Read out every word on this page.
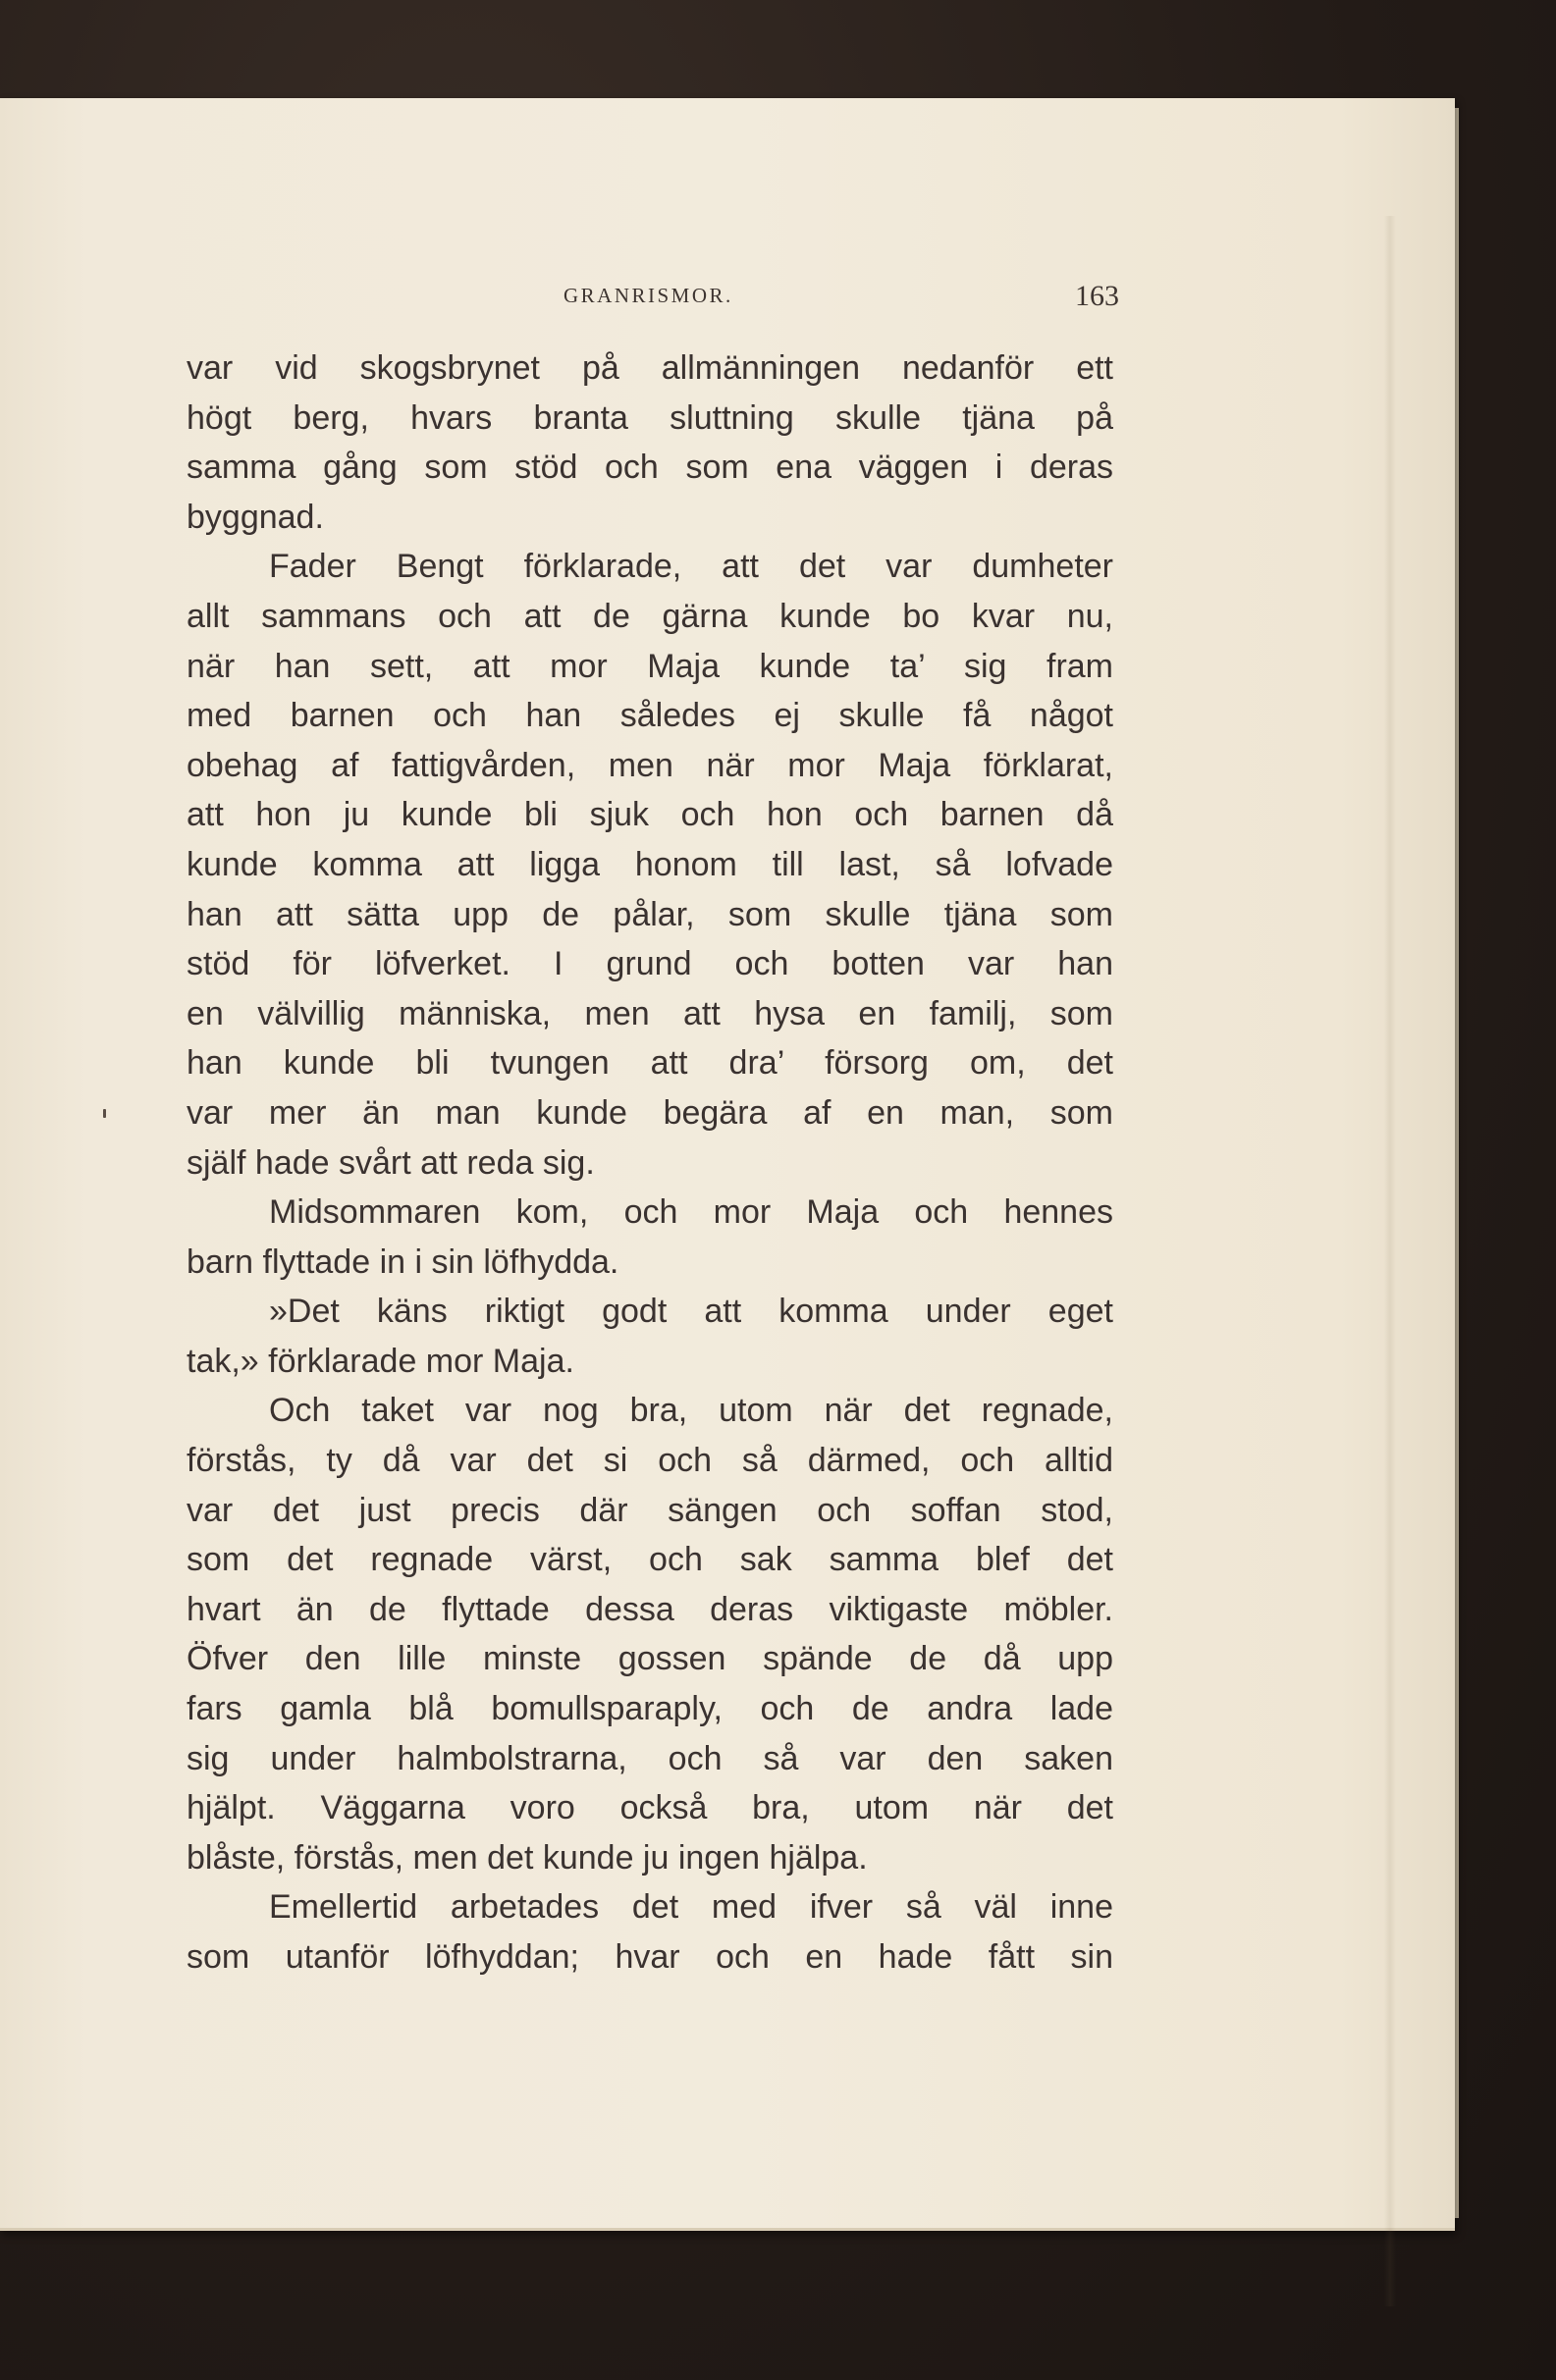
GRANRISMOR.	163
var vid skogsbrynet på allmänningen nedanför ett
högt berg, hvars branta sluttning skulle tjäna på
samma gång som stöd och som ena väggen i deras
byggnad.
Fader Bengt förklarade, att det var dumheter
allt sammans och att de gärna kunde bo kvar nu,
när han sett, att mor Maja kunde ta’ sig fram
med barnen och han således ej skulle få något
obehag af fattigvården, men när mor Maja förklarat,
att hon ju kunde bli sjuk och hon och barnen då
kunde komma att ligga honom till last, så lofvade
han att sätta upp de pålar, som skulle tjäna som
stöd för löfverket. I grund och botten var han
en välvillig människa, men att hysa en familj, som
han kunde bli tvungen att dra’ försorg om, det
var mer än man kunde begära af en man, som
själf hade svårt att reda sig.
Midsommaren kom, och mor Maja och hennes
barn flyttade in i sin löfhydda.
»Det käns riktigt godt att komma under eget
tak,» förklarade mor Maja.
Och taket var nog bra, utom när det regnade,
förstås, ty då var det si och så därmed, och alltid
var det just precis där sängen och soffan stod,
som det regnade värst, och sak samma blef det
hvart än de flyttade dessa deras viktigaste möbler.
Öfver den lille minste gossen spände de då upp
fars gamla blå bomullsparaply, och de andra lade
sig under halmbolstrarna, och så var den saken
hjälpt. Väggarna voro också bra, utom när det
blåste, förstås, men det kunde ju ingen hjälpa.
Emellertid arbetades det med ifver så väl inne
som utanför löfhyddan; hvar och en hade fått sin
